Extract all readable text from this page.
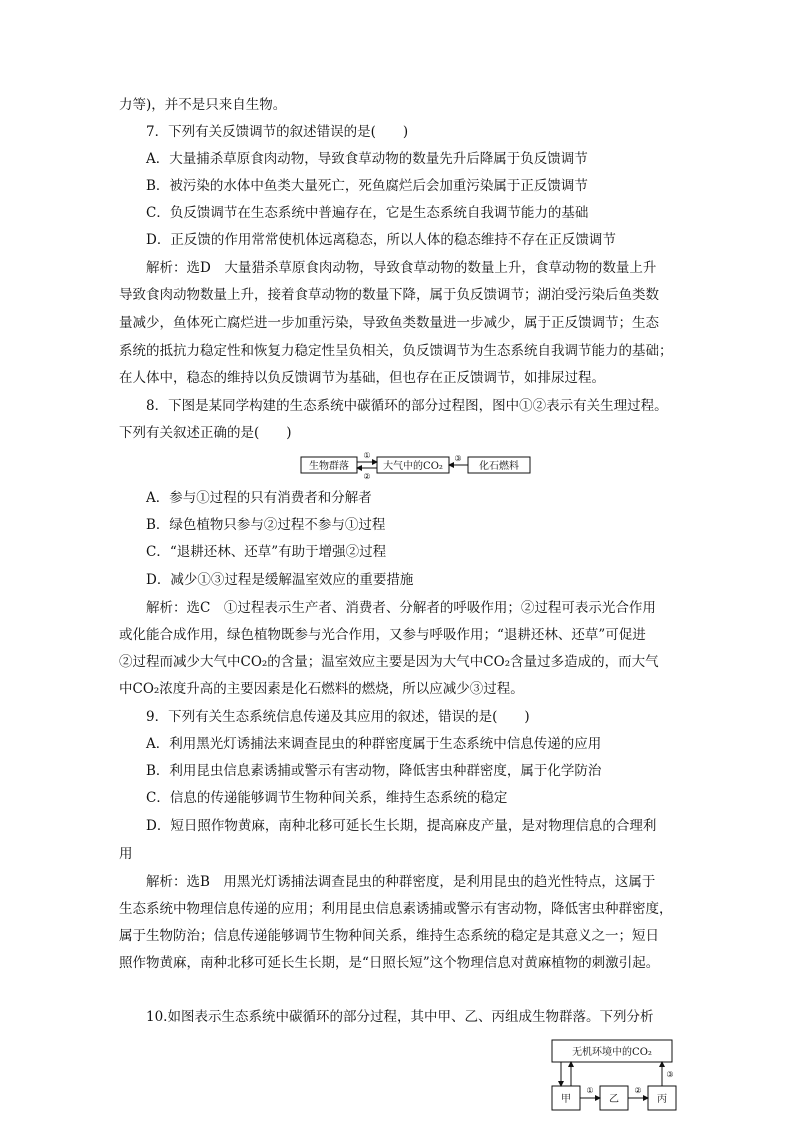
力等)，并不是只来自生物。
7．下列有关反馈调节的叙述错误的是(　　)
A．大量捕杀草原食肉动物，导致食草动物的数量先升后降属于负反馈调节
B．被污染的水体中鱼类大量死亡，死鱼腐烂后会加重污染属于正反馈调节
C．负反馈调节在生态系统中普遍存在，它是生态系统自我调节能力的基础
D．正反馈的作用常常使机体远离稳态，所以人体的稳态维持不存在正反馈调节
解析：选D　大量猎杀草原食肉动物，导致食草动物的数量上升，食草动物的数量上升
导致食肉动物数量上升，接着食草动物的数量下降，属于负反馈调节；湖泊受污染后鱼类数
量减少，鱼体死亡腐烂进一步加重污染，导致鱼类数量进一步减少，属于正反馈调节；生态
系统的抵抗力稳定性和恢复力稳定性呈负相关，负反馈调节为生态系统自我调节能力的基础；
在人体中，稳态的维持以负反馈调节为基础，但也存在正反馈调节，如排尿过程。
8．下图是某同学构建的生态系统中碳循环的部分过程图，图中①②表示有关生理过程。
下列有关叙述正确的是(　　)
生物群落	大气中的CO₂	化石燃料
①
②
③
A．参与①过程的只有消费者和分解者
B．绿色植物只参与②过程不参与①过程
C．“退耕还林、还草”有助于增强②过程
D．减少①③过程是缓解温室效应的重要措施
解析：选C　①过程表示生产者、消费者、分解者的呼吸作用；②过程可表示光合作用
或化能合成作用，绿色植物既参与光合作用，又参与呼吸作用；“退耕还林、还草”可促进
②过程而减少大气中CO₂的含量；温室效应主要是因为大气中CO₂含量过多造成的，而大气
中CO₂浓度升高的主要因素是化石燃料的燃烧，所以应减少③过程。
9．下列有关生态系统信息传递及其应用的叙述，错误的是(　　)
A．利用黑光灯诱捕法来调查昆虫的种群密度属于生态系统中信息传递的应用
B．利用昆虫信息素诱捕或警示有害动物，降低害虫种群密度，属于化学防治
C．信息的传递能够调节生物种间关系，维持生态系统的稳定
D．短日照作物黄麻，南种北移可延长生长期，提高麻皮产量，是对物理信息的合理利
用
解析：选B　用黑光灯诱捕法调查昆虫的种群密度，是利用昆虫的趋光性特点，这属于
生态系统中物理信息传递的应用；利用昆虫信息素诱捕或警示有害动物，降低害虫种群密度，
属于生物防治；信息传递能够调节生物种间关系，维持生态系统的稳定是其意义之一；短日
照作物黄麻，南种北移可延长生长期，是“日照长短”这个物理信息对黄麻植物的刺激引起。
10.如图表示生态系统中碳循环的部分过程，其中甲、乙、丙组成生物群落。下列分析
无机环境中的CO₂
甲	乙	丙
①	②
③
